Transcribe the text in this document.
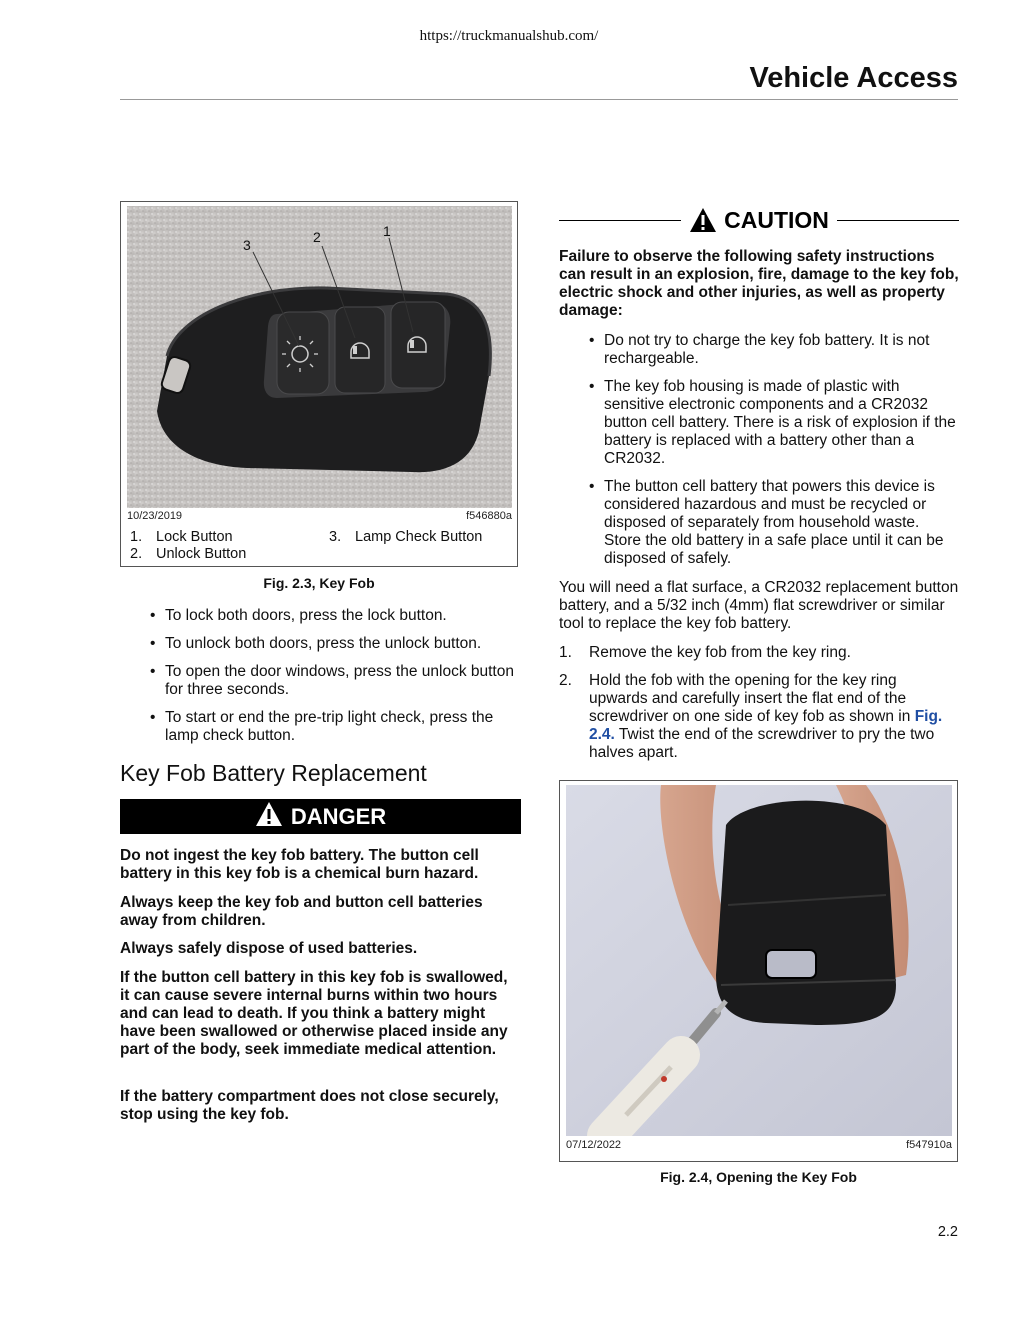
https://truckmanualshub.com/
Vehicle Access
1
2
3
10/23/2019	f546880a
1. Lock Button
2. Unlock Button
3. Lamp Check Button
Fig. 2.3, Key Fob
• To lock both doors, press the lock button.
• To unlock both doors, press the unlock button.
• To open the door windows, press the unlock button for three seconds.
• To start or end the pre-trip light check, press the lamp check button.
Key Fob Battery Replacement
DANGER

Do not ingest the key fob battery. The button cell battery in this key fob is a chemical burn hazard.

Always keep the key fob and button cell batteries away from children.

Always safely dispose of used batteries.

If the button cell battery in this key fob is swallowed, it can cause severe internal burns within two hours and can lead to death. If you think a battery might have been swallowed or otherwise placed inside any part of the body, seek immediate medical attention.

If the battery compartment does not close securely, stop using the key fob.

CAUTION

Failure to observe the following safety instructions can result in an explosion, fire, damage to the key fob, electric shock and other injuries, as well as property damage:

• Do not try to charge the key fob battery. It is not rechargeable.
• The key fob housing is made of plastic with sensitive electronic components and a CR2032 button cell battery. There is a risk of explosion if the battery is replaced with a battery other than a CR2032.
• The button cell battery that powers this device is considered hazardous and must be recycled or disposed of separately from household waste. Store the old battery in a safe place until it can be disposed of safely.

You will need a flat surface, a CR2032 replacement button battery, and a 5/32 inch (4mm) flat screwdriver or similar tool to replace the key fob battery.

1. Remove the key fob from the key ring.
2. Hold the fob with the opening for the key ring upwards and carefully insert the flat end of the screwdriver on one side of key fob as shown in Fig. 2.4. Twist the end of the screwdriver to pry the two halves apart.
07/12/2022	f547910a
Fig. 2.4, Opening the Key Fob
2.2
